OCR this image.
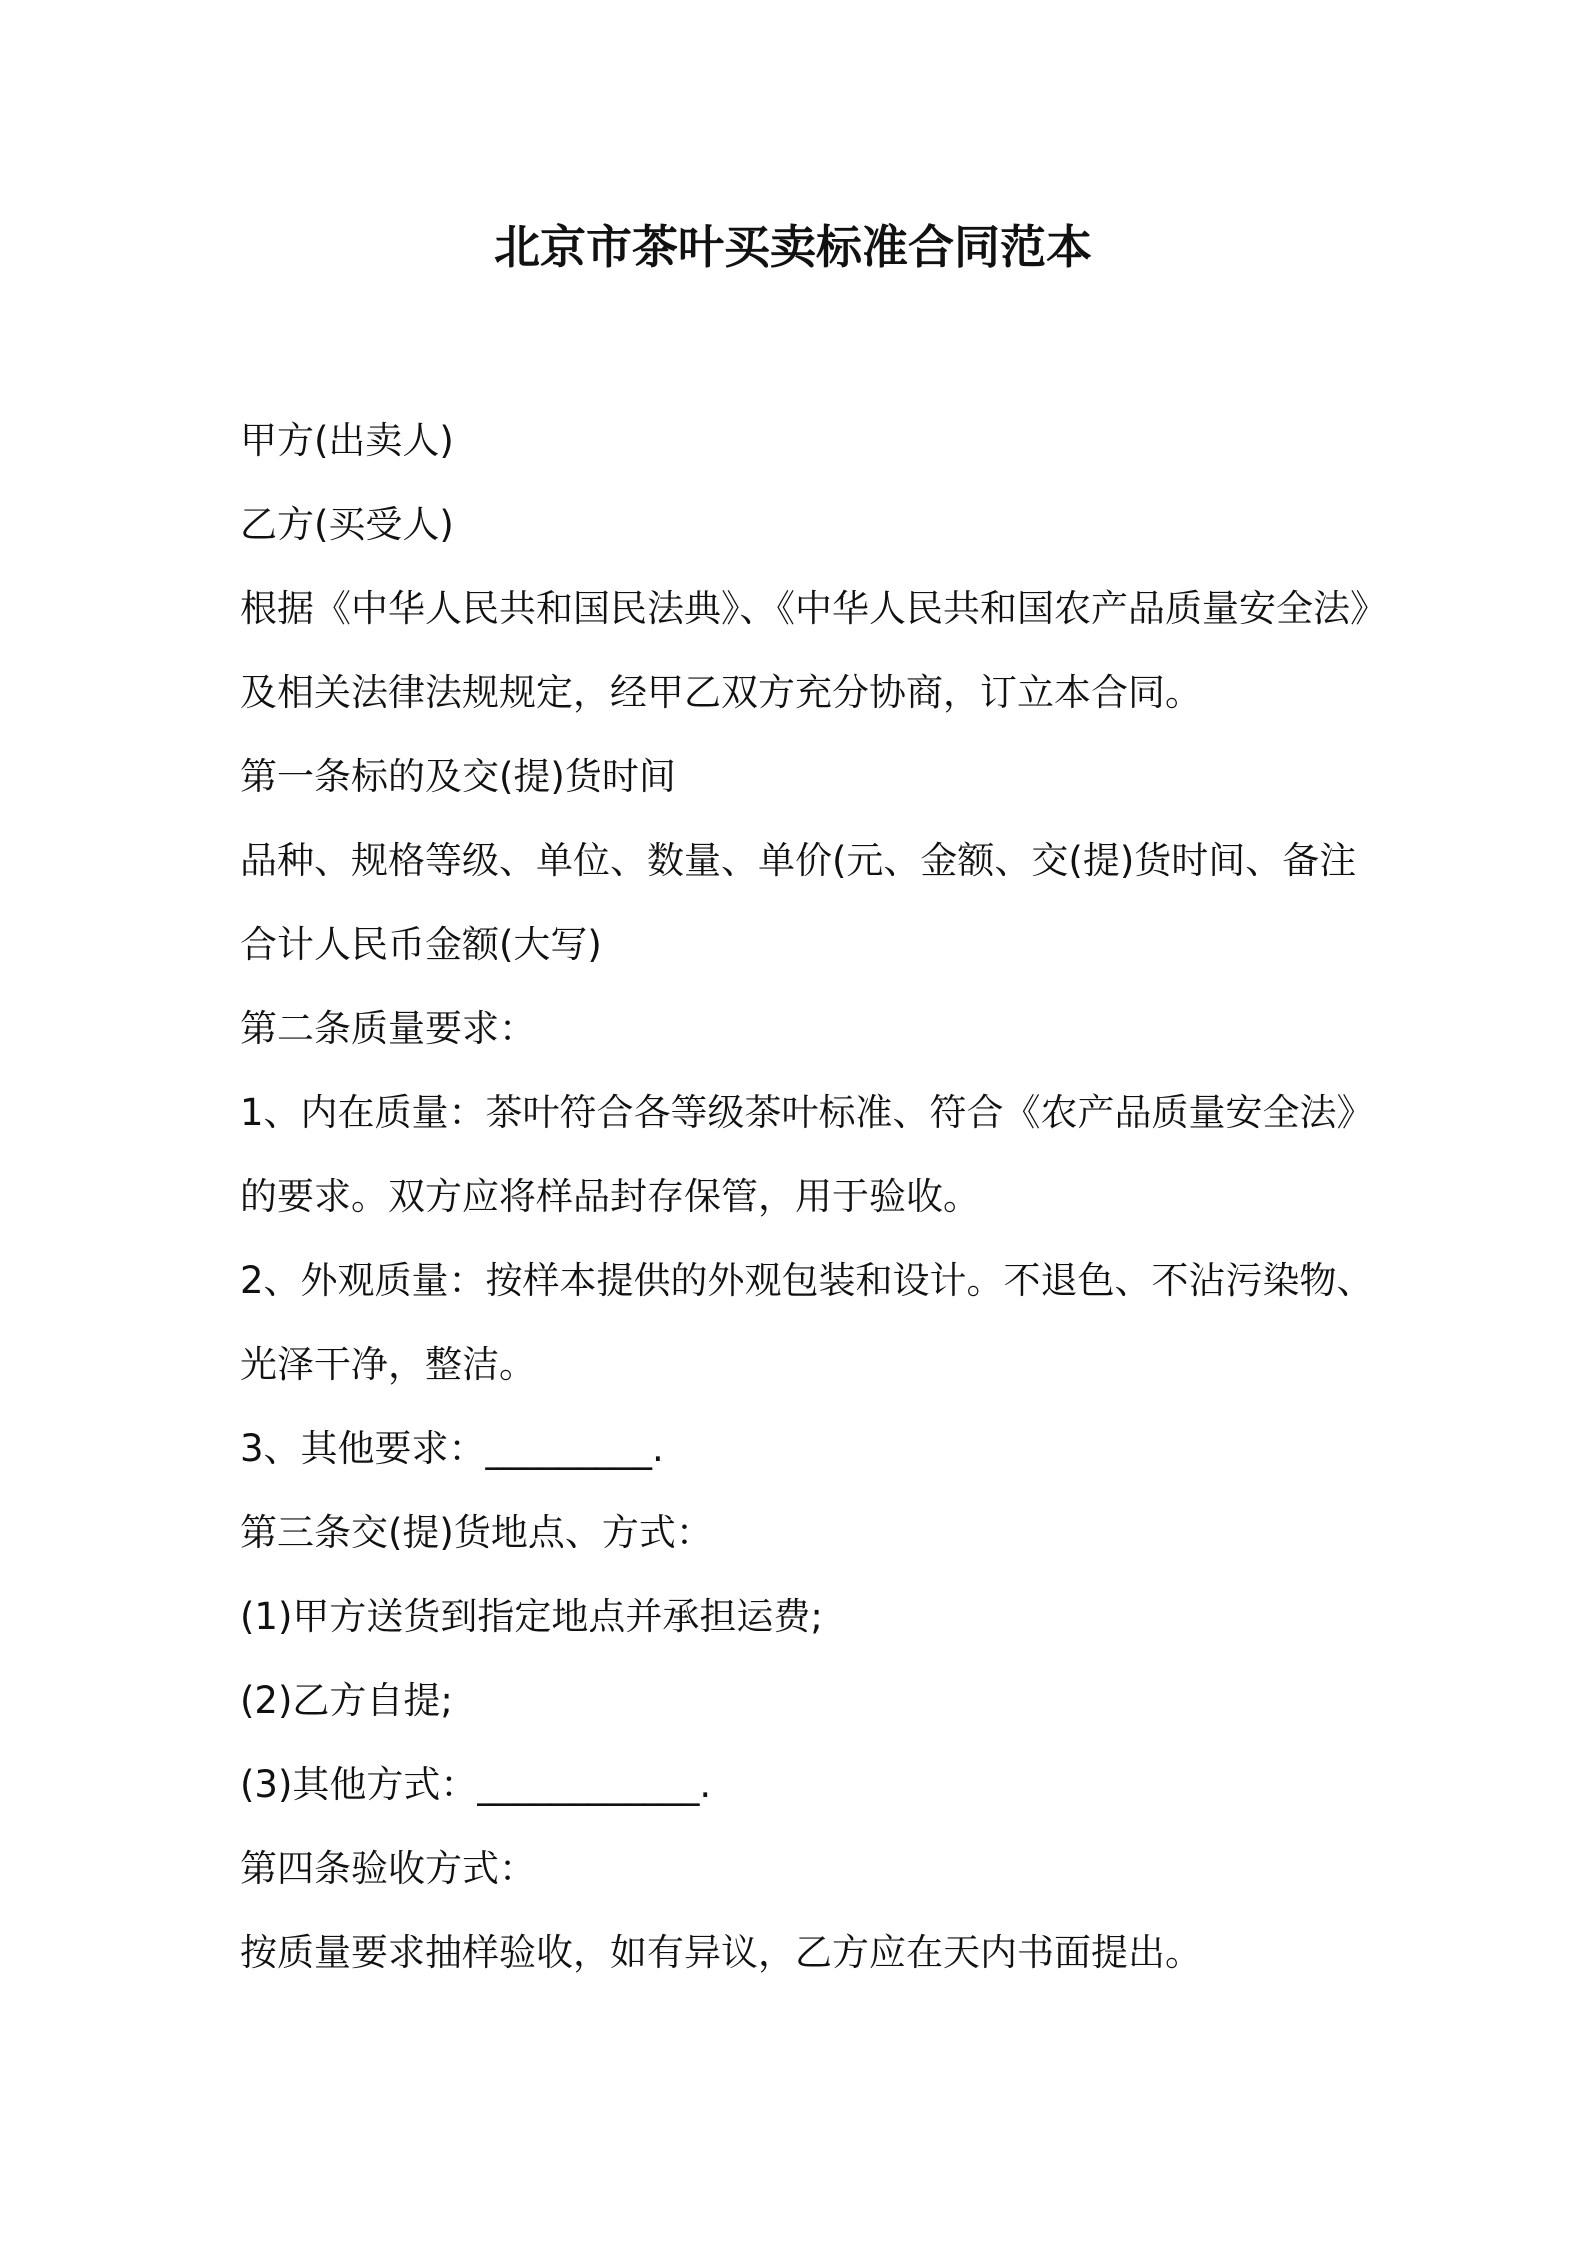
北京市茶叶买卖标准合同范本
甲方(出卖人)
乙方(买受人)
根据《中华人民共和国民法典》、《中华人民共和国农产品质量安全法》
及相关法律法规规定，经甲乙双方充分协商，订立本合同。
第一条标的及交(提)货时间
品种、规格等级、单位、数量、单价(元、金额、交(提)货时间、备注
合计人民币金额(大写)
第二条质量要求：
1、内在质量：茶叶符合各等级茶叶标准、符合《农产品质量安全法》
的要求。双方应将样品封存保管，用于验收。
2、外观质量：按样本提供的外观包装和设计。不退色、不沾污染物、
光泽干净，整洁。
3、其他要求：_________.
第三条交(提)货地点、方式：
(1)甲方送货到指定地点并承担运费;
(2)乙方自提;
(3)其他方式：____________.
第四条验收方式：
按质量要求抽样验收，如有异议，乙方应在天内书面提出。
